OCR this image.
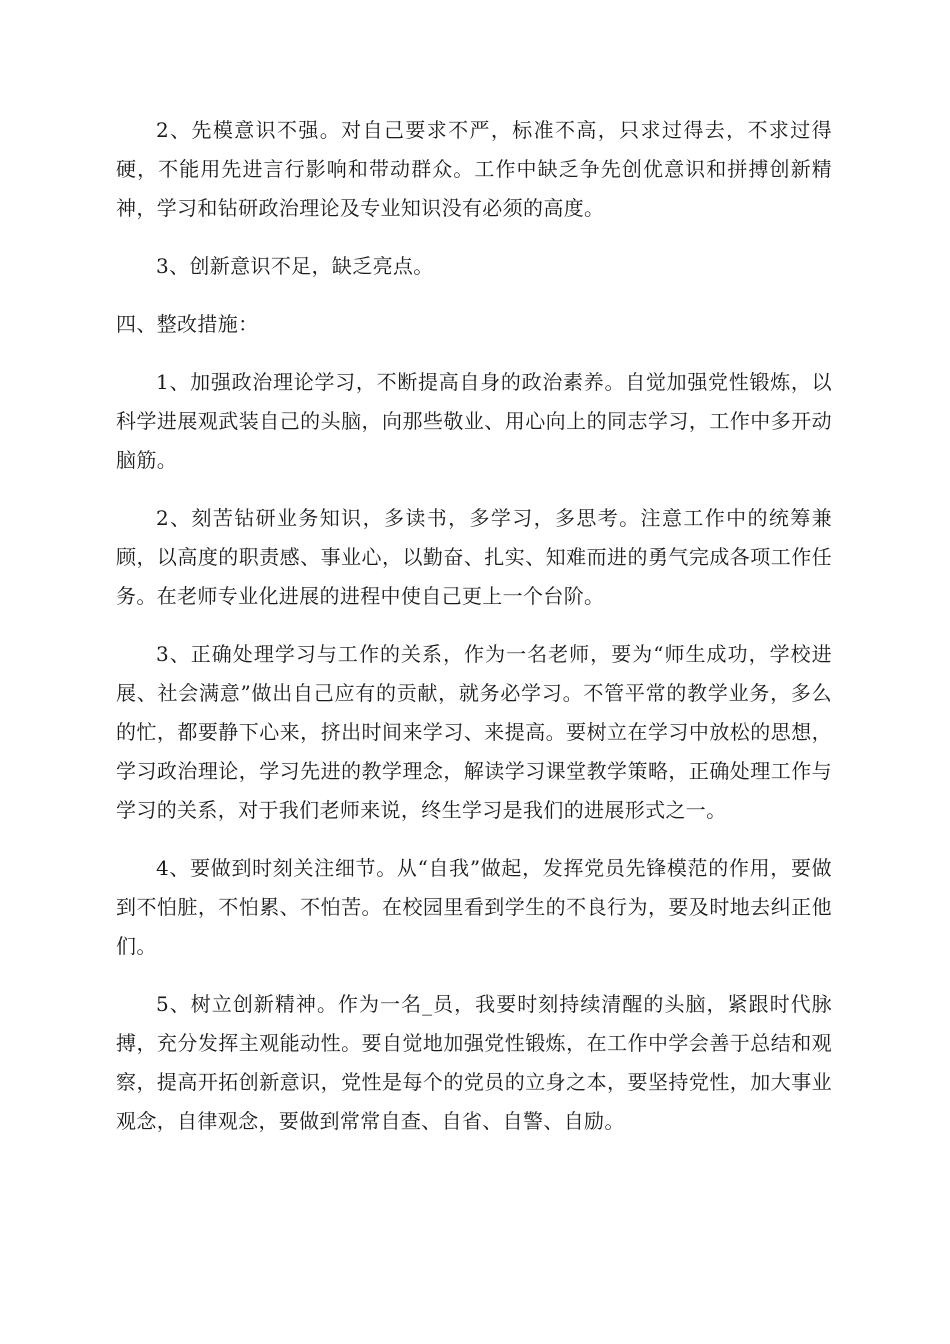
2、先模意识不强。对自己要求不严，标准不高，只求过得去，不求过得硬，不能用先进言行影响和带动群众。工作中缺乏争先创优意识和拼搏创新精神，学习和钻研政治理论及专业知识没有必须的高度。

3、创新意识不足，缺乏亮点。

四、整改措施：

1、加强政治理论学习，不断提高自身的政治素养。自觉加强党性锻炼，以科学进展观武装自己的头脑，向那些敬业、用心向上的同志学习，工作中多开动脑筋。

2、刻苦钻研业务知识，多读书，多学习，多思考。注意工作中的统筹兼顾，以高度的职责感、事业心，以勤奋、扎实、知难而进的勇气完成各项工作任务。在老师专业化进展的进程中使自己更上一个台阶。

3、正确处理学习与工作的关系，作为一名老师，要为“师生成功，学校进展、社会满意”做出自己应有的贡献，就务必学习。不管平常的教学业务，多么的忙，都要静下心来，挤出时间来学习、来提高。要树立在学习中放松的思想，学习政治理论，学习先进的教学理念，解读学习课堂教学策略，正确处理工作与学习的关系，对于我们老师来说，终生学习是我们的进展形式之一。

4、要做到时刻关注细节。从“自我”做起，发挥党员先锋模范的作用，要做到不怕脏，不怕累、不怕苦。在校园里看到学生的不良行为，要及时地去纠正他们。

5、树立创新精神。作为一名_员，我要时刻持续清醒的头脑，紧跟时代脉搏，充分发挥主观能动性。要自觉地加强党性锻炼，在工作中学会善于总结和观察，提高开拓创新意识，党性是每个的党员的立身之本，要坚持党性，加大事业观念，自律观念，要做到常常自查、自省、自警、自励。
